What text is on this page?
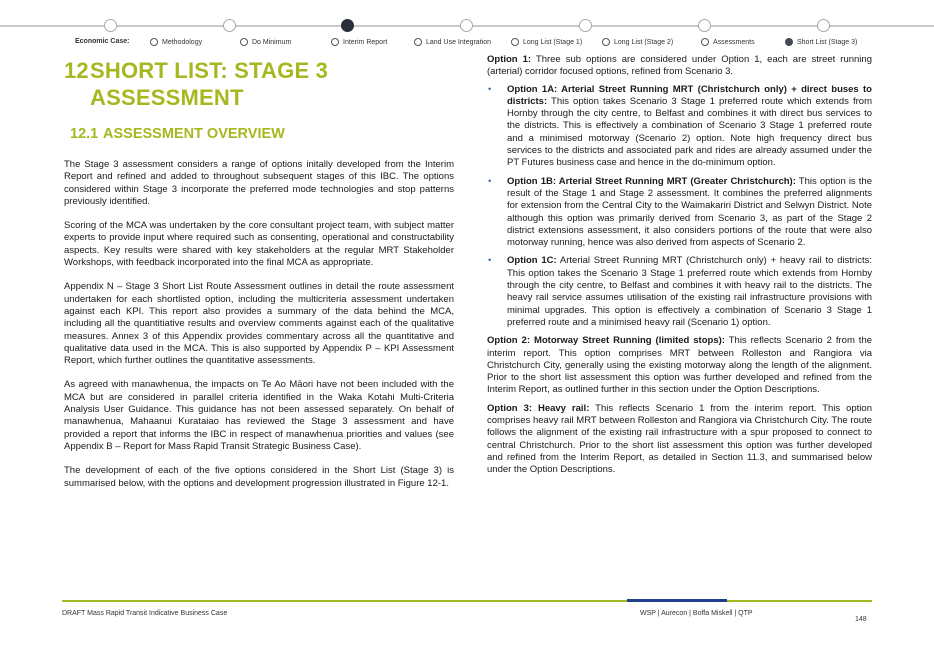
Economic Case:	Methodology	Do Minimum	Interim Report	Land Use Integration	Long List (Stage 1)	Long List (Stage 2)	Assessments	Short List (Stage 3)
12 SHORT LIST: STAGE 3 ASSESSMENT
12.1 ASSESSMENT OVERVIEW

The Stage 3 assessment considers a range of options initally developed from the Interim Report and refined and added to throughout subsequent stages of this IBC. The options considered within Stage 3 incorporate the preferred mode technologies and stop patterns previously identified.

Scoring of the MCA was undertaken by the core consultant project team, with subject matter experts to provide input where required such as consenting, operational and constructability aspects. Key results were shared with key stakeholders at the regular MRT Stakeholder Workshops, with feedback incorporated into the final MCA as appropriate.

Appendix N – Stage 3 Short List Route Assessment outlines in detail the route assessment undertaken for each shortlisted option, including the multicriteria assessment undertaken against each KPI. This report also provides a summary of the data behind the MCA, including all the quantitiative results and overview comments against each of the qualitative measures. Annex 3 of this Appendix provides commentary across all the quantitative and qualitative data used in the MCA. This is also supported by Appendix P – KPI Assessment Report, which further outlines the quantitative assessments.

As agreed with manawhenua, the impacts on Te Ao Māori have not been included with the MCA but are considered in parallel criteria identified in the Waka Kotahi Multi-Criteria Analysis User Guidance. This guidance has not been assessed separately. On behalf of manawhenua, Mahaanui Kurataiao has reviewed the Stage 3 assessment and have provided a report that informs the IBC in respect of manawhenua priorities and values (see Appendix B – Report for Mass Rapid Transit Strategic Business Case).

The development of each of the five options considered in the Short List (Stage 3) is summarised below, with the options and development progression illustrated in Figure 12-1.

Option 1: Three sub options are considered under Option 1, each are street running (arterial) corridor focused options, refined from Scenario 3.

• Option 1A: Arterial Street Running MRT (Christchurch only) + direct buses to districts: This option takes Scenario 3 Stage 1 preferred route which extends from Hornby through the city centre, to Belfast and combines it with direct bus services to the districts. This is effectively a combination of Scenario 3 Stage 1 preferred route and a minimised motorway (Scenario 2) option. Note high frequency direct bus services to the districts and associated park and rides are already assumed under the PT Futures business case and hence in the do-minimum option.
• Option 1B: Arterial Street Running MRT (Greater Christchurch): This option is the result of the Stage 1 and Stage 2 assessment. It combines the preferred alignments for extension from the Central City to the Waimakariri District and Selwyn District. Note although this option was primarily derived from Scenario 3, as part of the Stage 2 district extensions assessment, it also considers portions of the route that were also motorway running, hence was also derived from aspects of Scenario 2.
• Option 1C: Arterial Street Running MRT (Christchurch only) + heavy rail to districts: This option takes the Scenario 3 Stage 1 preferred route which extends from Hornby through the city centre, to Belfast and combines it with heavy rail to the districts. The heavy rail service assumes utilisation of the existing rail infrastructure provisions with minimal upgrades. This option is effectively a combination of Scenario 3 Stage 1 preferred route and a minimised heavy rail (Scenario 1) option.

Option 2: Motorway Street Running (limited stops): This reflects Scenario 2 from the interim report. This option comprises MRT between Rolleston and Rangiora via Christchurch City, generally using the existing motorway along the length of the alignment. Prior to the short list assessment this option was further developed and refined from the Interim Report, as outlined further in this section under the Option Descriptions.

Option 3: Heavy rail: This reflects Scenario 1 from the interim report. This option comprises heavy rail MRT between Rolleston and Rangiora via Christchurch City. The route follows the alignment of the existing rail infrastructure with a spur proposed to connect to central Christchurch. Prior to the short list assessment this option was further developed and refined from the Interim Report, as detailed in Section 11.3, and summarised below under the Option Descriptions.

DRAFT Mass Rapid Transit Indicative Business Case	WSP | Aurecon | Boffa Miskell | QTP
148
